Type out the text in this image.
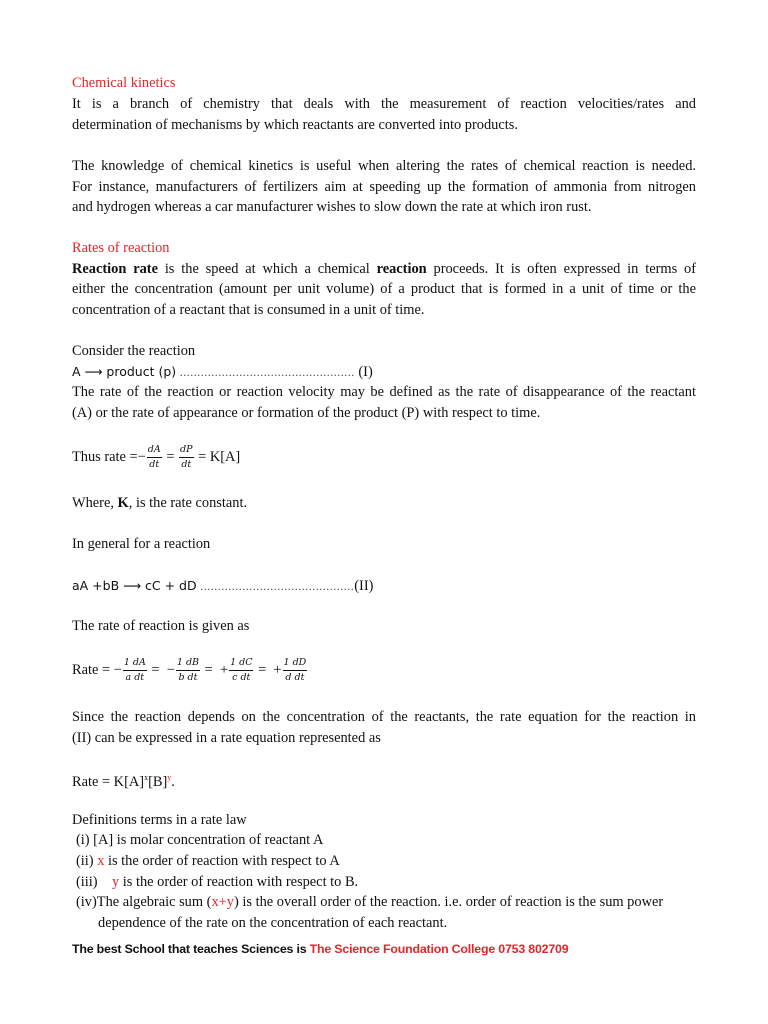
Chemical kinetics
It is a branch of chemistry that deals with the measurement of reaction velocities/rates and
determination of mechanisms by which reactants are converted into products.
The knowledge of chemical kinetics is useful when altering the rates of chemical reaction is needed.
For instance, manufacturers of fertilizers aim at speeding up the formation of ammonia from nitrogen
and hydrogen whereas a car manufacturer wishes to slow down the rate at which iron rust.
Rates of reaction
Reaction rate is the speed at which a chemical reaction proceeds. It is often expressed in terms of
either the concentration (amount per unit volume) of a product that is formed in a unit of time or the
concentration of a reactant that is consumed in a unit of time.
Consider the reaction
A ⟶ product (p) .................................................. (I)
The rate of the reaction or reaction velocity may be defined as the rate of disappearance of the reactant
(A) or the rate of appearance or formation of the product (P) with respect to time.
Thus rate =− $\frac{dA}{dt} = \frac{dP}{dt} = K[A]$
Where, K, is the rate constant.
In general for a reaction
aA +bB ⟶ cC + dD ............................................(II)
The rate of reaction is given as
Rate = − $\frac{1 dA}{\text{a dt}}$ =  − $\frac{1 dB}{\text{b dt}}$ =  + $\frac{1 dC}{\text{c dt}}$ =  + $\frac{1 dD}{\text{d dt}}$
Since the reaction depends on the concentration of the reactants, the rate equation for the reaction in
(II) can be expressed in a rate equation represented as
Rate = $K[A]^x[B]^y$.
Definitions terms in a rate law
(i) [A] is molar concentration of reactant A
(ii) x is the order of reaction with respect to A
(iii)    y is the order of reaction with respect to B.
(iv)The algebraic sum (x+y) is the overall order of the reaction. i.e. order of reaction is the sum power
dependence of the rate on the concentration of each reactant.
The best School that teaches Sciences is The Science Foundation College 0753 802709
